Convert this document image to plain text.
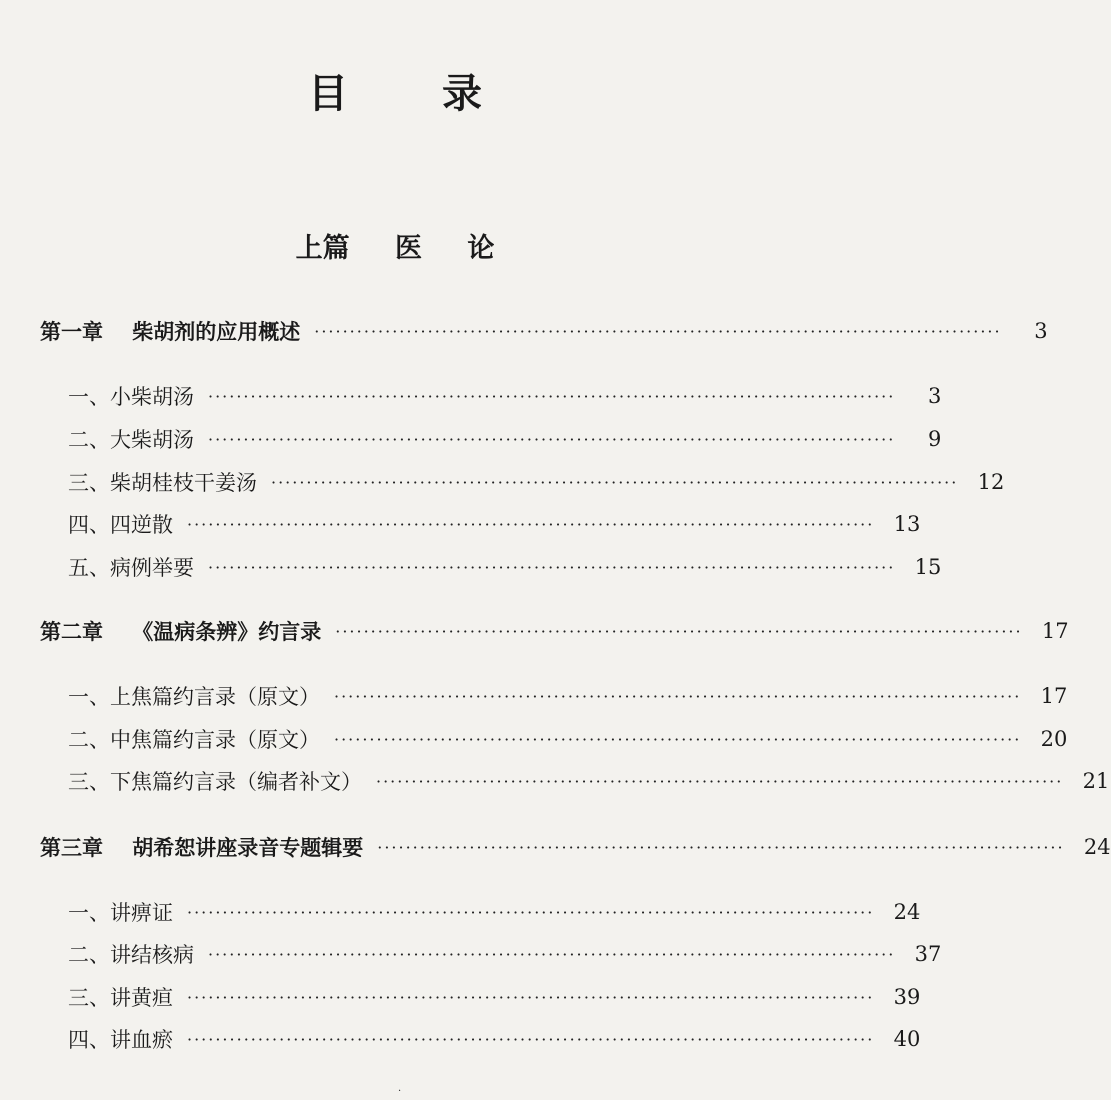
目 录
上篇 医 论
第一章    柴胡剂的应用概述 ·································································································	3
一、小柴胡汤 ·································································································	3
二、大柴胡汤 ·································································································	9
三、柴胡桂枝干姜汤 ································································································· 12
四、四逆散 ································································································· 13
五、病例举要 ································································································· 15
第二章    《温病条辨》约言录 ································································································· 17
一、上焦篇约言录（原文） ································································································· 17
二、中焦篇约言录（原文） ································································································· 20
三、下焦篇约言录（编者补文） ································································································· 21
第三章    胡希恕讲座录音专题辑要 ································································································· 24
一、讲痹证 ································································································· 24
二、讲结核病 ································································································· 37
三、讲黄疸 ································································································· 39
四、讲血瘀 ································································································· 40
·
